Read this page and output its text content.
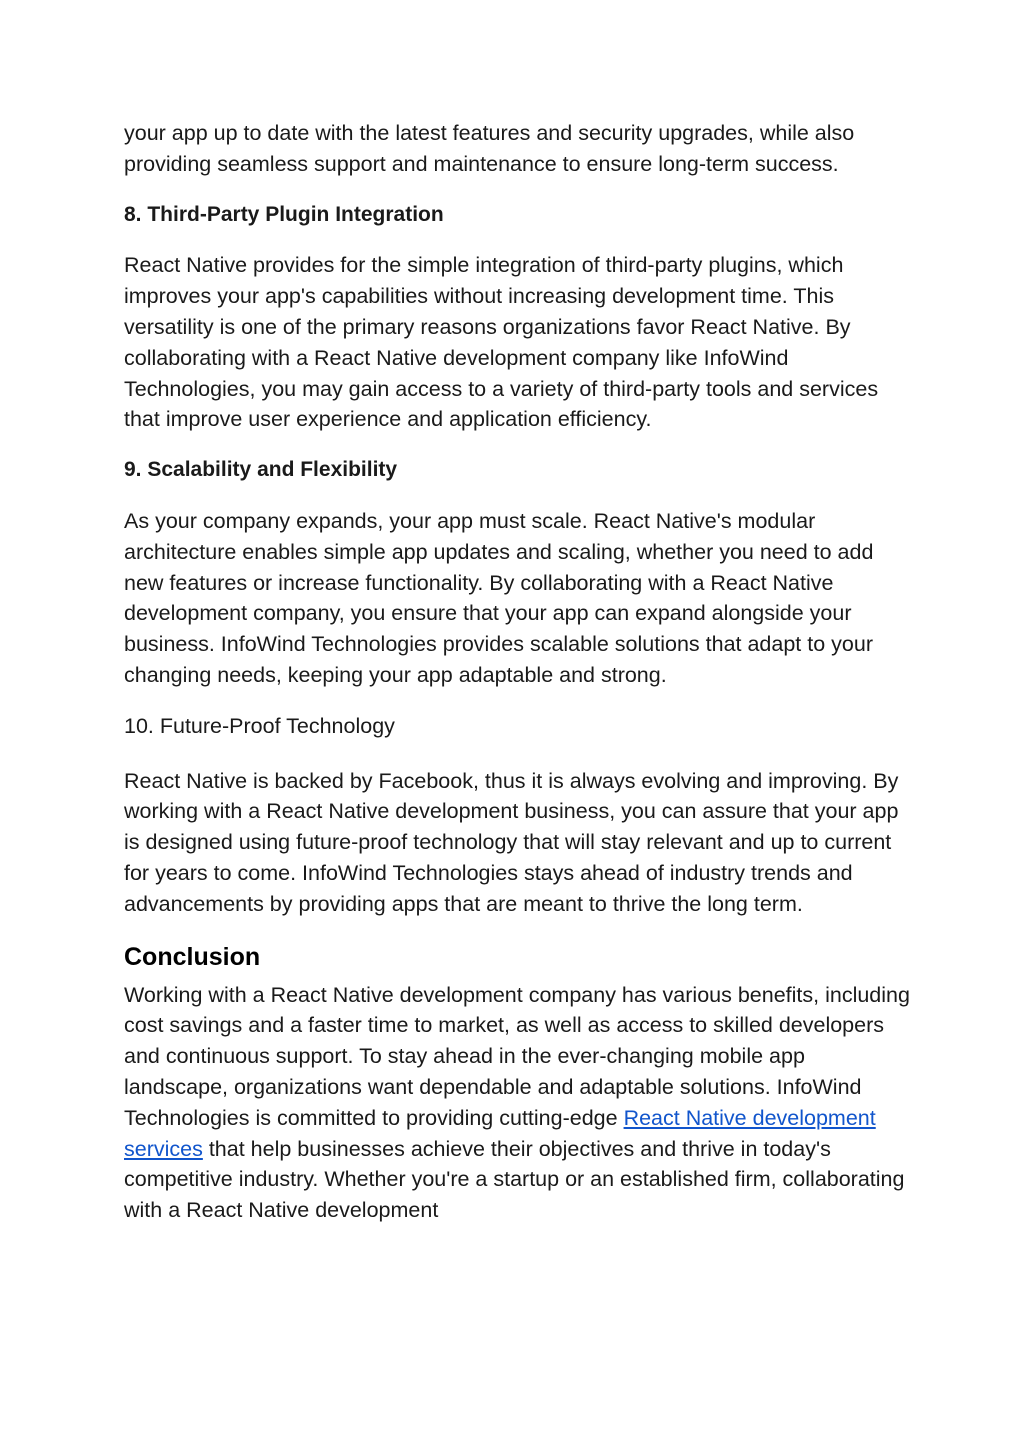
your app up to date with the latest features and security upgrades, while also providing seamless support and maintenance to ensure long-term success.

8. Third-Party Plugin Integration

React Native provides for the simple integration of third-party plugins, which improves your app's capabilities without increasing development time. This versatility is one of the primary reasons organizations favor React Native. By collaborating with a React Native development company like InfoWind Technologies, you may gain access to a variety of third-party tools and services that improve user experience and application efficiency.

9. Scalability and Flexibility

As your company expands, your app must scale. React Native's modular architecture enables simple app updates and scaling, whether you need to add new features or increase functionality. By collaborating with a React Native development company, you ensure that your app can expand alongside your business. InfoWind Technologies provides scalable solutions that adapt to your changing needs, keeping your app adaptable and strong.

10. Future-Proof Technology

React Native is backed by Facebook, thus it is always evolving and improving. By working with a React Native development business, you can assure that your app is designed using future-proof technology that will stay relevant and up to current for years to come. InfoWind Technologies stays ahead of industry trends and advancements by providing apps that are meant to thrive the long term.

Conclusion

Working with a React Native development company has various benefits, including cost savings and a faster time to market, as well as access to skilled developers and continuous support. To stay ahead in the ever-changing mobile app landscape, organizations want dependable and adaptable solutions. InfoWind Technologies is committed to providing cutting-edge React Native development services that help businesses achieve their objectives and thrive in today's competitive industry. Whether you're a startup or an established firm, collaborating with a React Native development
